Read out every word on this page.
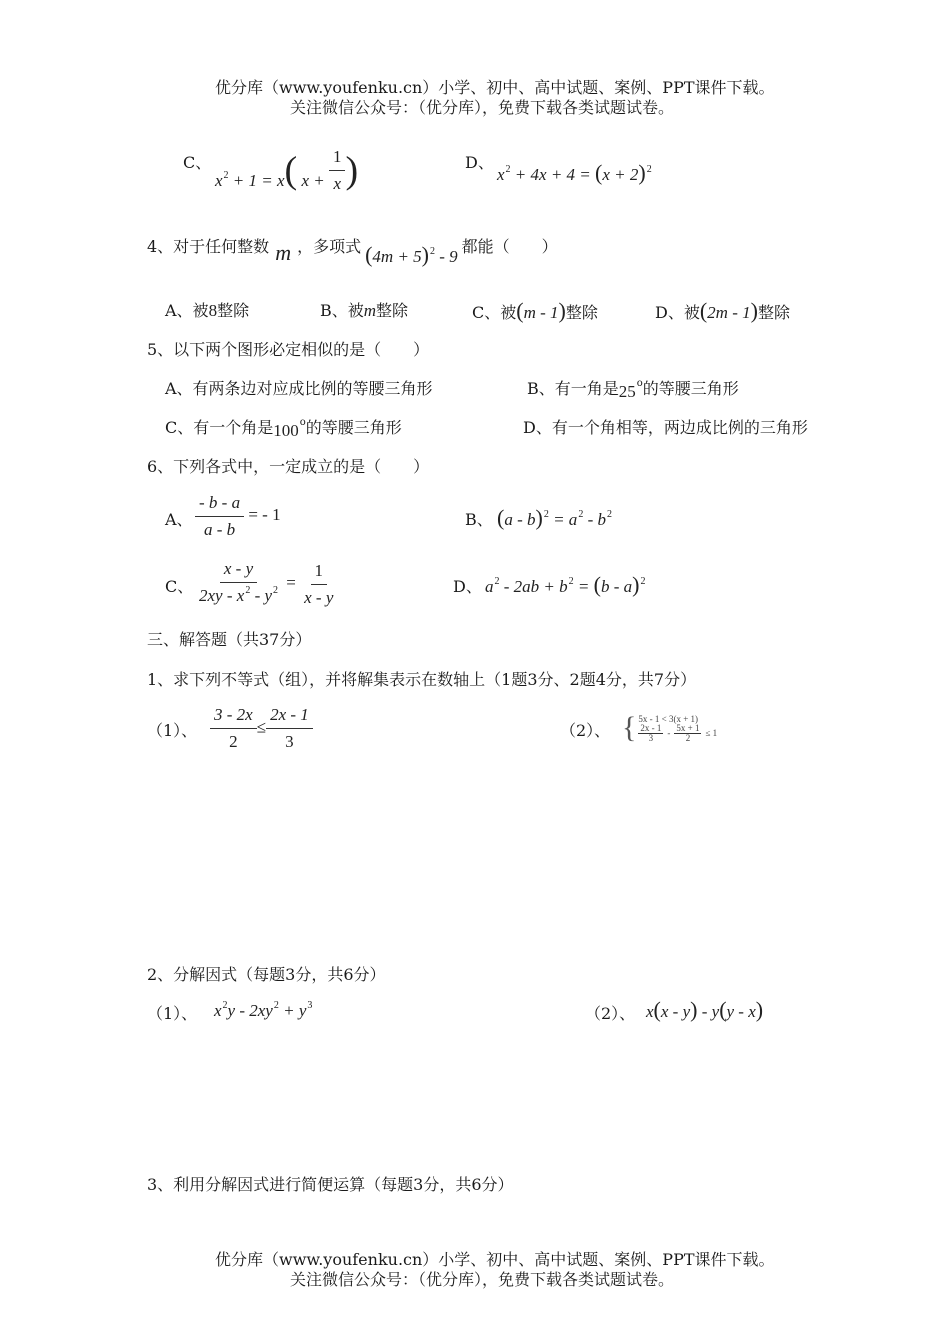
优分库（www.youfenku.cn）小学、初中、高中试题、案例、PPT课件下载。
关注微信公众号：（优分库），免费下载各类试题试卷。
C、
$x^2 + 1 = x$(
$x + \frac{1}{x}$ )	D、
$x^2 + 4x + 4 = (x + 2)^2$
4、对于任何整数 m ，多项式 $(4m + 5)^2 - 9$都能（　　）
A、被8整除	B、被m整除	C、被(m - 1)整除	D、被(2m - 1)整除
5、以下两个图形必定相似的是（　　）
A、有两条边对应成比例的等腰三角形	B、有一角是25$^o$的等腰三角形
C、有一个角是100$^o$的等腰三角形	D、有一个角相等，两边成比例的三角形
6、下列各式中，一定成立的是（　　）
A、 $\frac{- b - a}{a - b}$ = - 1	B、 $(a - b)^2 = a^2 - b^2$
C、 $\frac{x - y}{2xy - x^2 - y^2} = \frac{1}{x - y}$	D、 $a^2 - 2ab + b^2 = (b - a)^2$
三、解答题（共37分）
1、求下列不等式（组），并将解集表示在数轴上（1题3分、2题4分，共7分）
（1）、 $\frac{3 - 2x}{2} \le \frac{2x - 1}{3}$	（2）、 { 5x - 1 < 3(x + 1)
$\frac{2x - 1}{3} - \frac{5x + 1}{2} \le 1$
2、分解因式（每题3分，共6分）
（1）、 $x^2y - 2xy^2 + y^3$	（2）、 x(x - y) - y(y - x)
3、利用分解因式进行简便运算（每题3分，共6分）
优分库（www.youfenku.cn）小学、初中、高中试题、案例、PPT课件下载。
关注微信公众号：（优分库），免费下载各类试题试卷。
